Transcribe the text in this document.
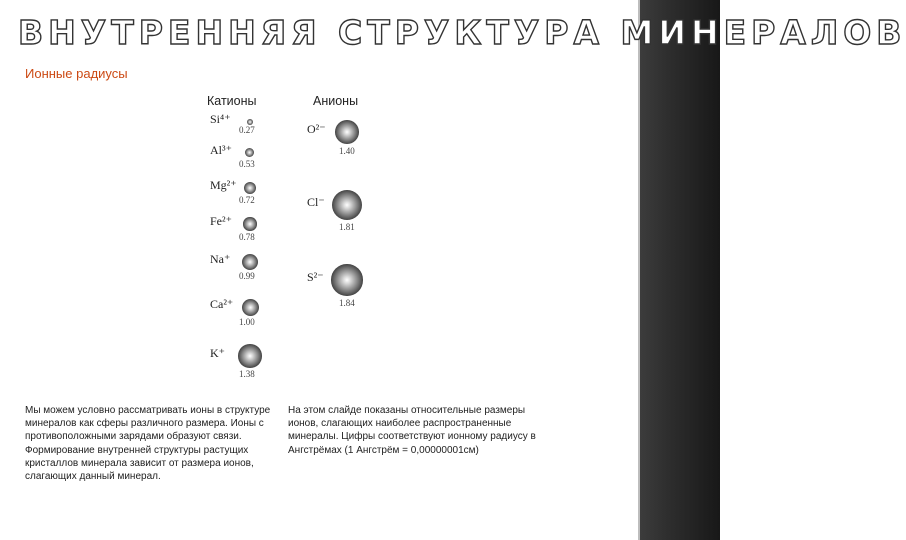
ВНУТРЕННЯЯ СТРУКТУРА МИНЕРАЛОВ
Ионные радиусы
Катионы	Анионы
Si⁴⁺
0.27
Al³⁺
0.53
Mg²⁺
0.72
Fe²⁺
0.78
Na⁺
0.99
Ca²⁺
1.00
K⁺
1.38
O²⁻
1.40
Cl⁻
1.81
S²⁻
1.84
Мы можем условно рассматривать ионы в структуре минералов как сферы различного размера. Ионы с противоположными зарядами образуют связи. Формирование внутренней структуры растущих кристаллов минерала зависит от размера ионов, слагающих данный минерал.
На этом слайде показаны относительные размеры ионов, слагающих наиболее распространенные минералы. Цифры соответствуют ионному радиусу в Ангстрёмах (1 Ангстрём = 0,00000001см)
